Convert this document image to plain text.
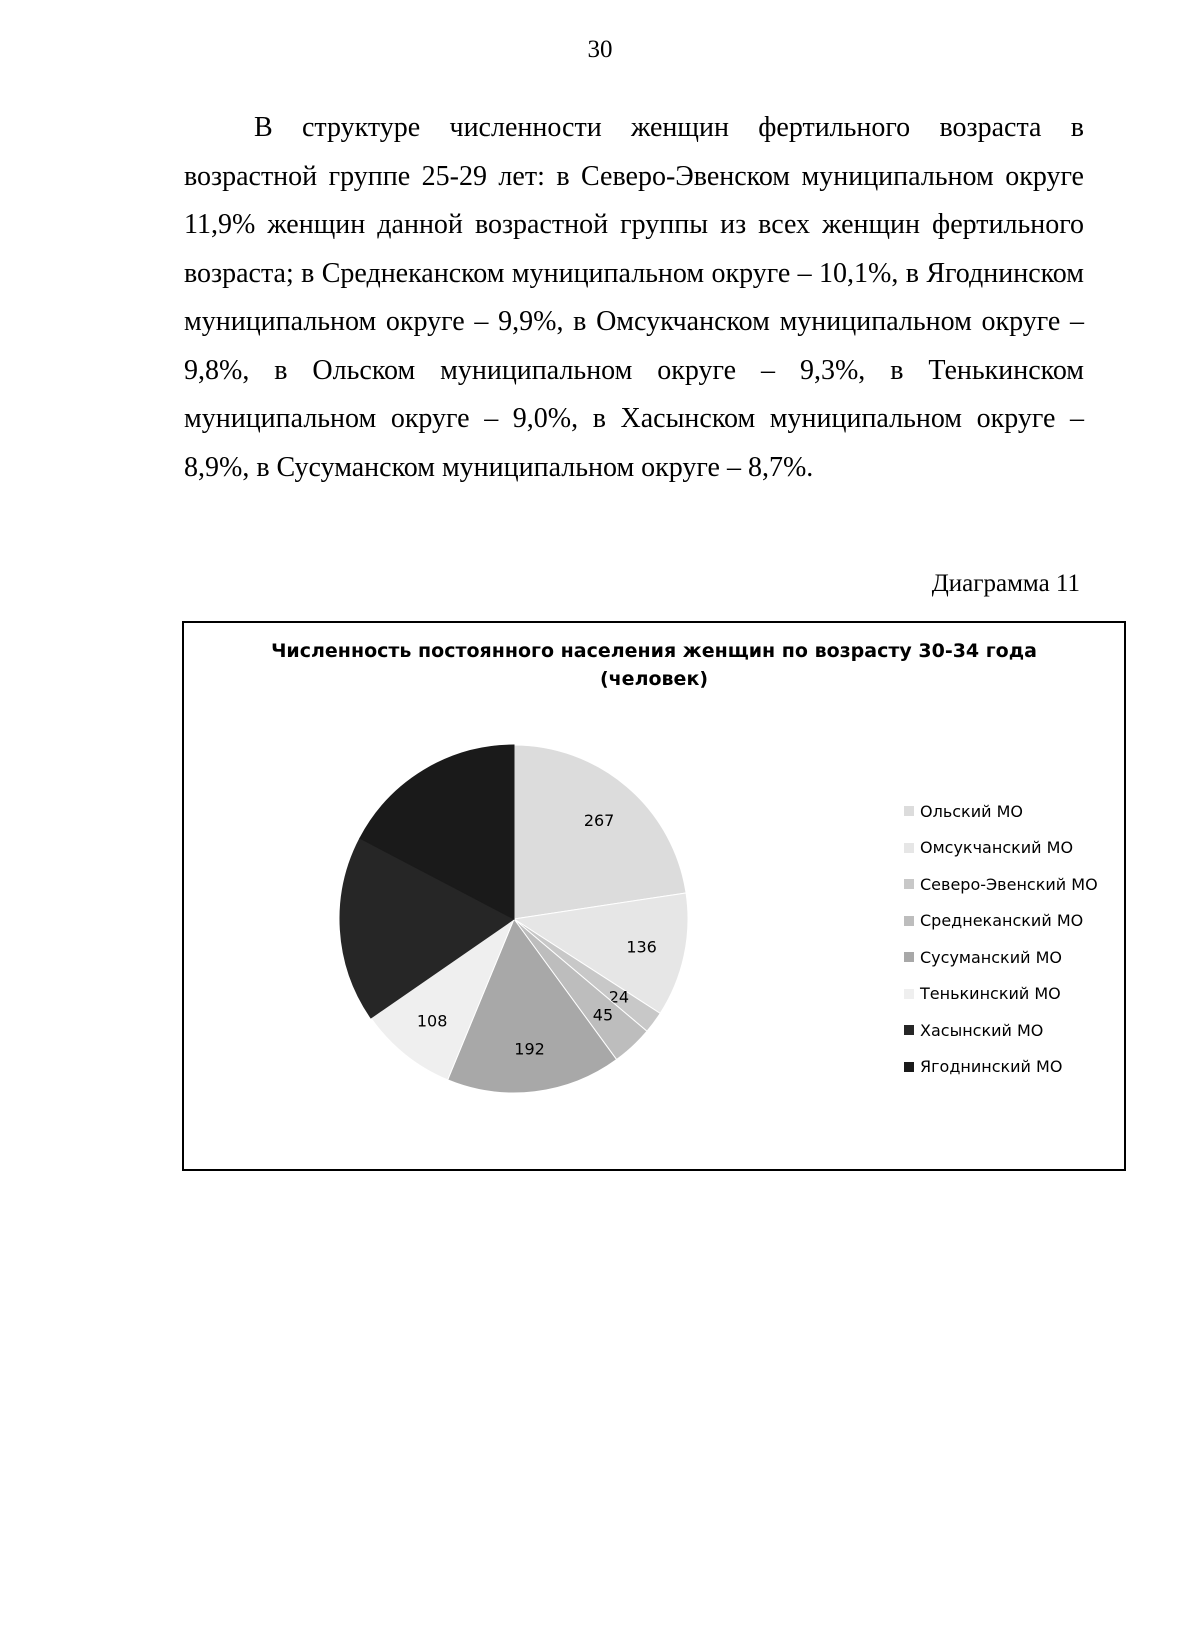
30

В структуре численности женщин фертильного возраста в возрастной группе 25-29 лет: в Северо-Эвенском муниципальном округе 11,9% женщин данной возрастной группы из всех женщин фертильного возраста; в Среднеканском муниципальном округе – 10,1%, в Ягоднинском муниципальном округе – 9,9%, в Омсукчанском муниципальном округе – 9,8%, в Ольском муниципальном округе – 9,3%, в Тенькинском муниципальном округе – 9,0%, в Хасынском муниципальном округе – 8,9%, в Сусуманском муниципальном округе – 8,7%.

Диаграмма 11
Численность постоянного населения женщин по возрасту 30-34 года
(человек)
267
136
24
45
192
108
Ольский МО
Омсукчанский МО
Северо-Эвенский МО
Среднеканский МО
Сусуманский МО
Тенькинский МО
Хасынский МО
Ягоднинский МО
